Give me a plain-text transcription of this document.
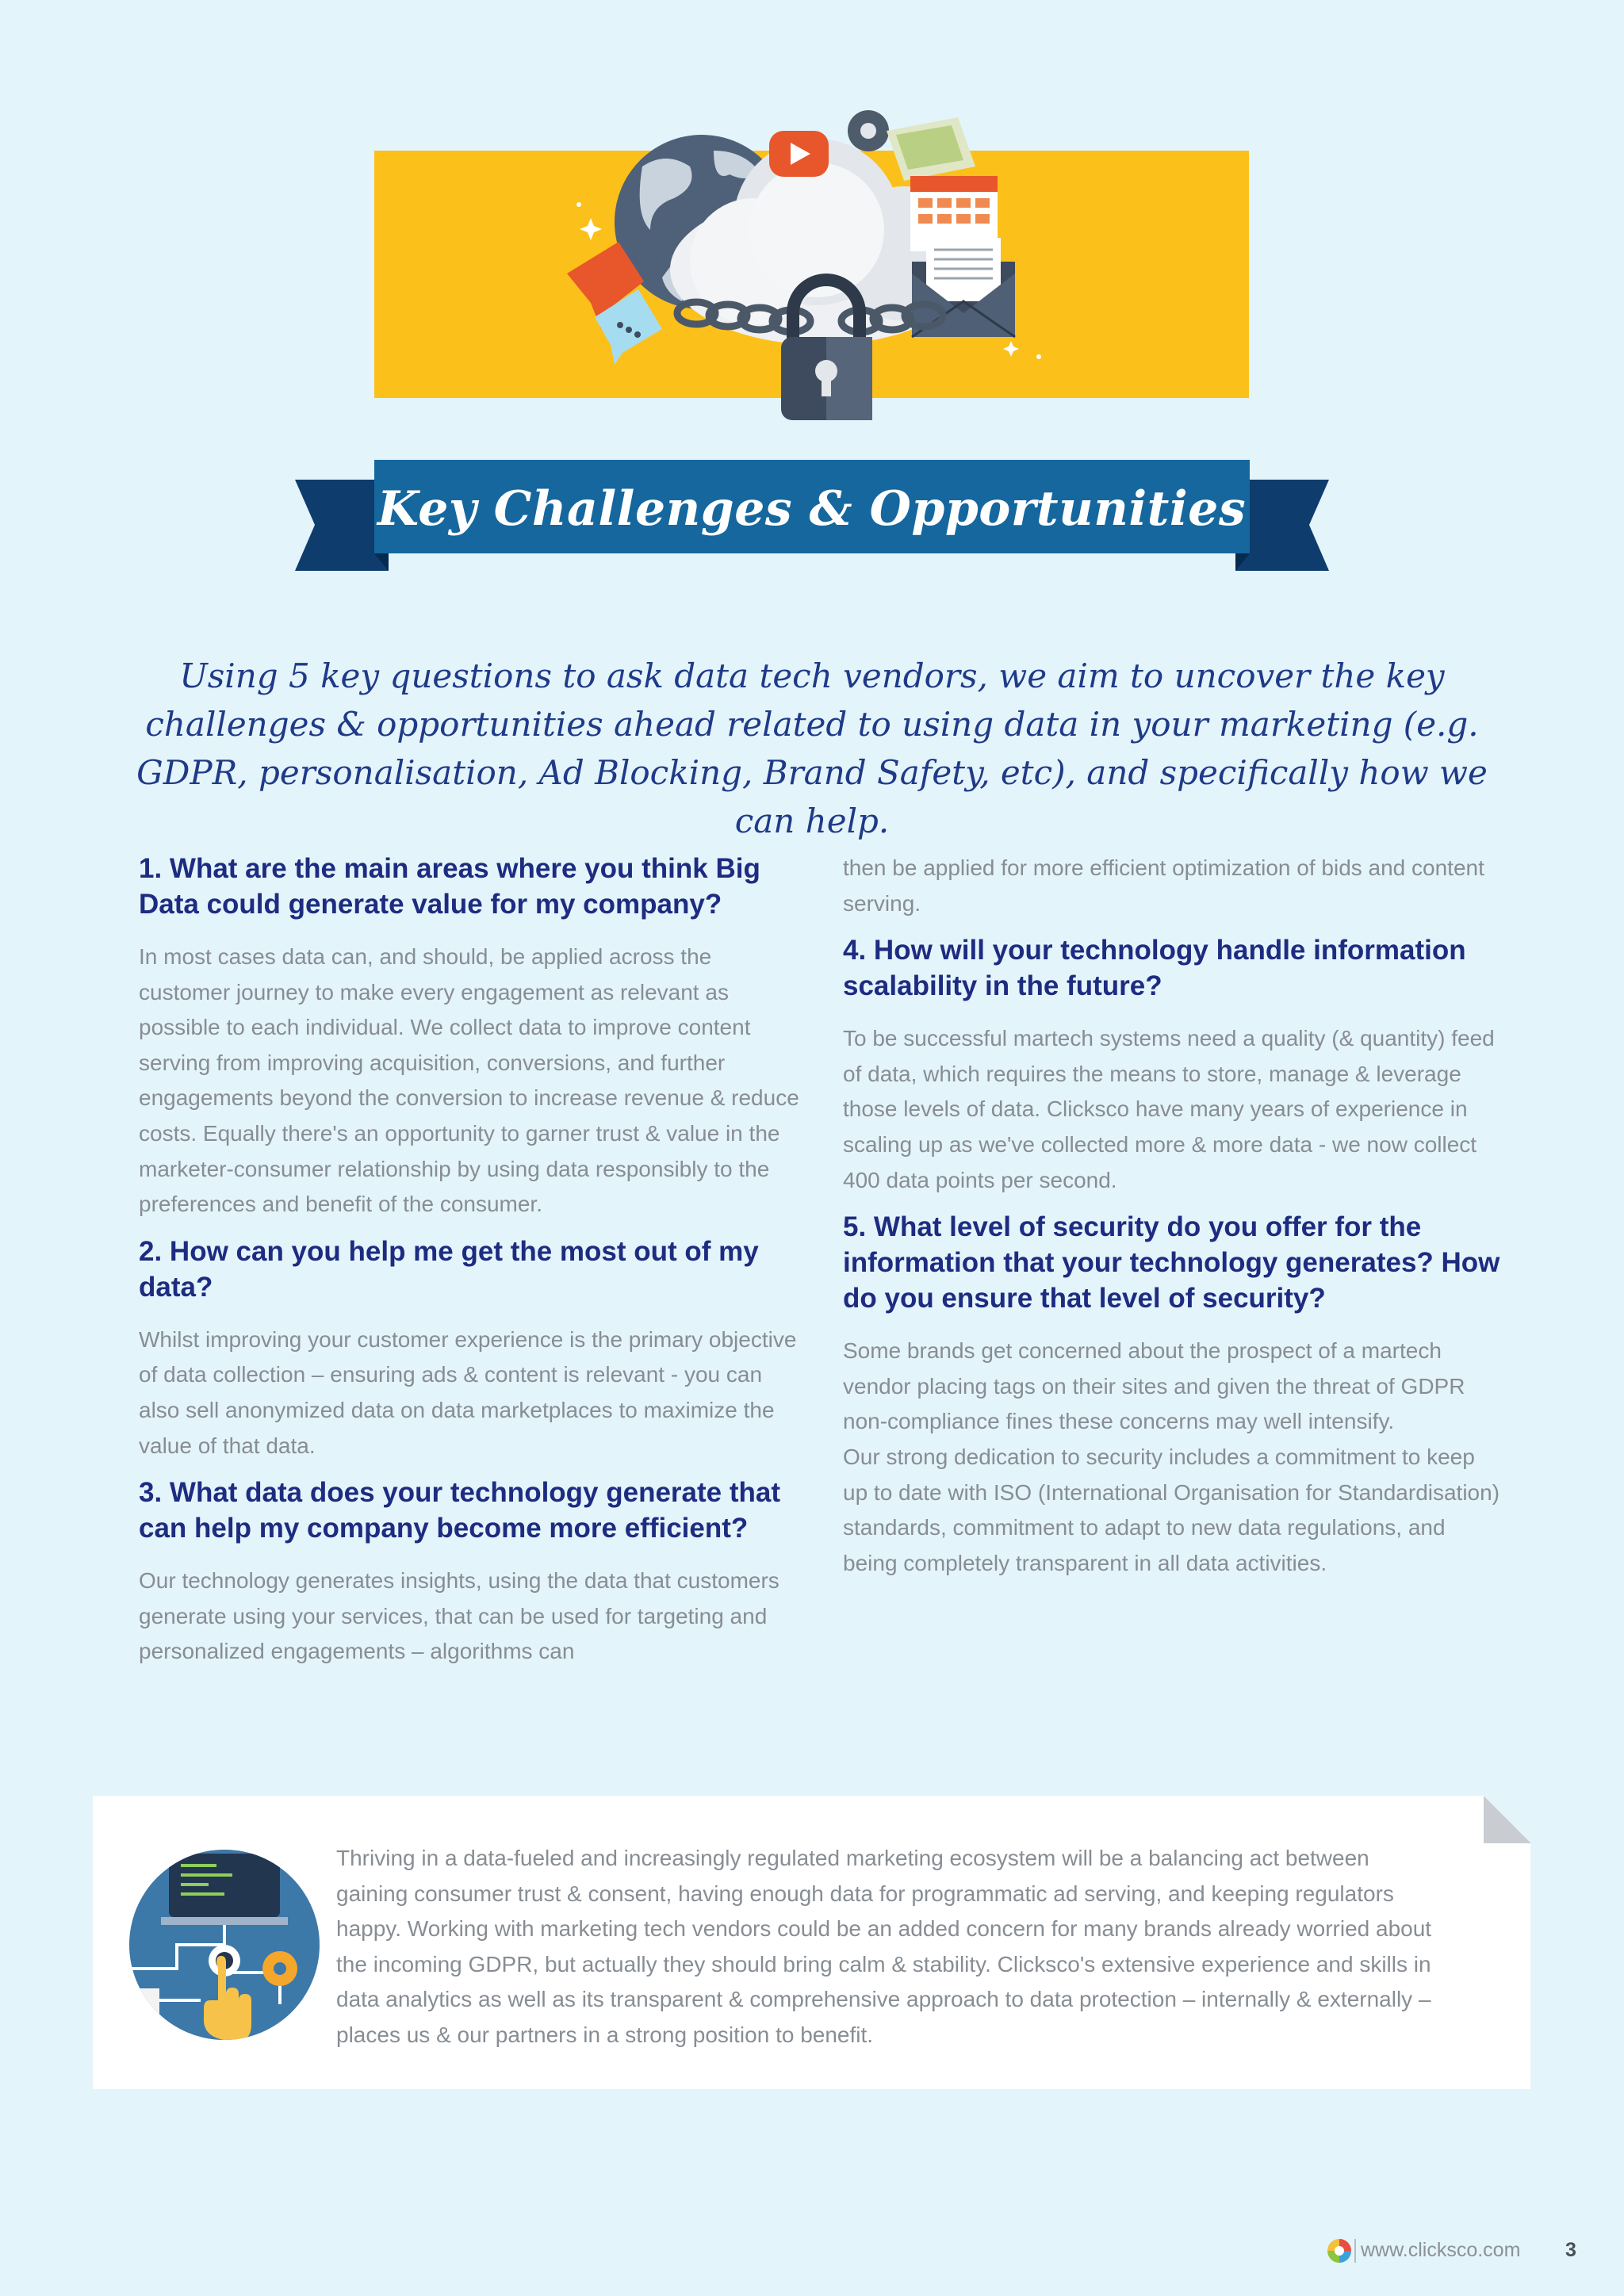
Key Challenges & Opportunities
Using 5 key questions to ask data tech vendors, we aim to uncover the key challenges & opportunities ahead related to using data in your marketing (e.g. GDPR, personalisation, Ad Blocking, Brand Safety, etc), and specifically how we can help.
1. What are the main areas where you think Big Data could generate value for my company?
In most cases data can, and should, be applied across the customer journey to make every engagement as relevant as possible to each individual. We collect data to improve content serving from improving acquisition, conversions, and further engagements beyond the conversion to increase revenue & reduce costs. Equally there's an opportunity to garner trust & value in the marketer-consumer relationship by using data responsibly to the preferences and benefit of the consumer.
2. How can you help me get the most out of my data?
Whilst improving your customer experience is the primary objective of data collection – ensuring ads & content is relevant - you can also sell anonymized data on data marketplaces to maximize the value of that data.
3. What data does your technology generate that can help my company become more efficient?
Our technology generates insights, using the data that customers generate using your services, that can be used for targeting and personalized engagements – algorithms can
then be applied for more efficient optimization of bids and content serving.
4. How will your technology handle information scalability in the future?
To be successful martech systems need a quality (& quantity) feed of data, which requires the means to store, manage & leverage those levels of data. Clicksco have many years of experience in scaling up as we've collected more & more data - we now collect 400 data points per second.
5. What level of security do you offer for the information that your technology generates? How do you ensure that level of security?
Some brands get concerned about the prospect of a martech vendor placing tags on their sites and given the threat of GDPR non-compliance fines these concerns may well intensify.
Our strong dedication to security includes a commitment to keep up to date with ISO (International Organisation for Standardisation) standards, commitment to adapt to new data regulations, and being completely transparent in all data activities.
Thriving in a data-fueled and increasingly regulated marketing ecosystem will be a balancing act between gaining consumer trust & consent, having enough data for programmatic ad serving, and keeping regulators happy. Working with marketing tech vendors could be an added concern for many brands already worried about the incoming GDPR, but actually they should bring calm & stability. Clicksco's extensive experience and skills in data analytics as well as its transparent & comprehensive approach to data protection – internally & externally – places us & our partners in a strong position to benefit.
www.clicksco.com 3
